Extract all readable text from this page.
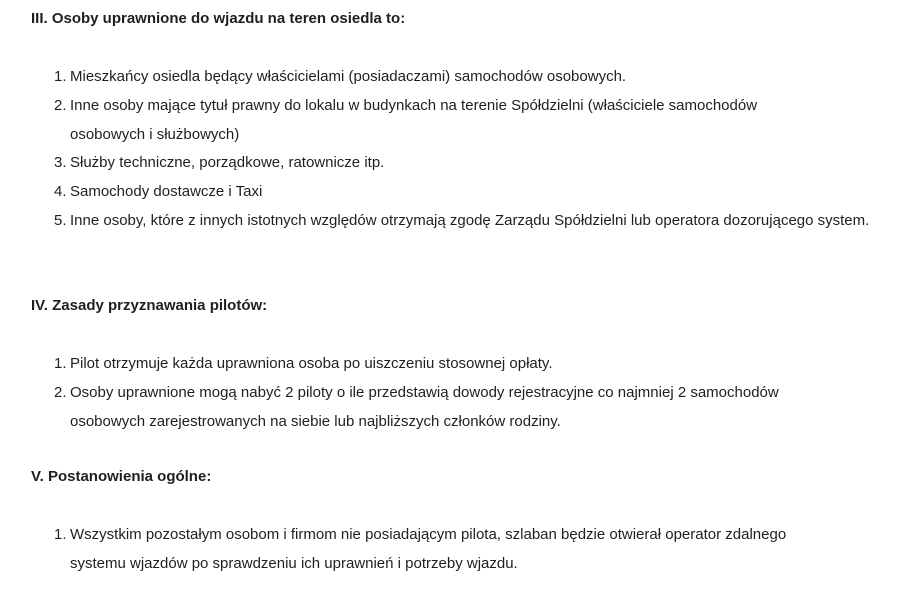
III. Osoby uprawnione do wjazdu na teren osiedla to:
1. Mieszkańcy osiedla będący właścicielami (posiadaczami) samochodów osobowych.
2. Inne osoby mające tytuł prawny do lokalu w budynkach na terenie Spółdzielni (właściciele samochodów osobowych i służbowych)
3. Służby techniczne, porządkowe, ratownicze itp.
4. Samochody dostawcze i Taxi
5. Inne osoby, które z innych istotnych względów otrzymają zgodę Zarządu Spółdzielni lub operatora dozorującego system.
IV. Zasady przyznawania pilotów:
1. Pilot otrzymuje każda uprawniona osoba po uiszczeniu stosownej opłaty.
2. Osoby uprawnione mogą nabyć 2 piloty o ile przedstawią dowody rejestracyjne co najmniej 2 samochodów osobowych zarejestrowanych na siebie lub najbliższych członków rodziny.
V. Postanowienia ogólne:
1. Wszystkim pozostałym osobom i firmom nie posiadającym pilota, szlaban będzie otwierał operator zdalnego systemu wjazdów po sprawdzeniu ich uprawnień i potrzeby wjazdu.
